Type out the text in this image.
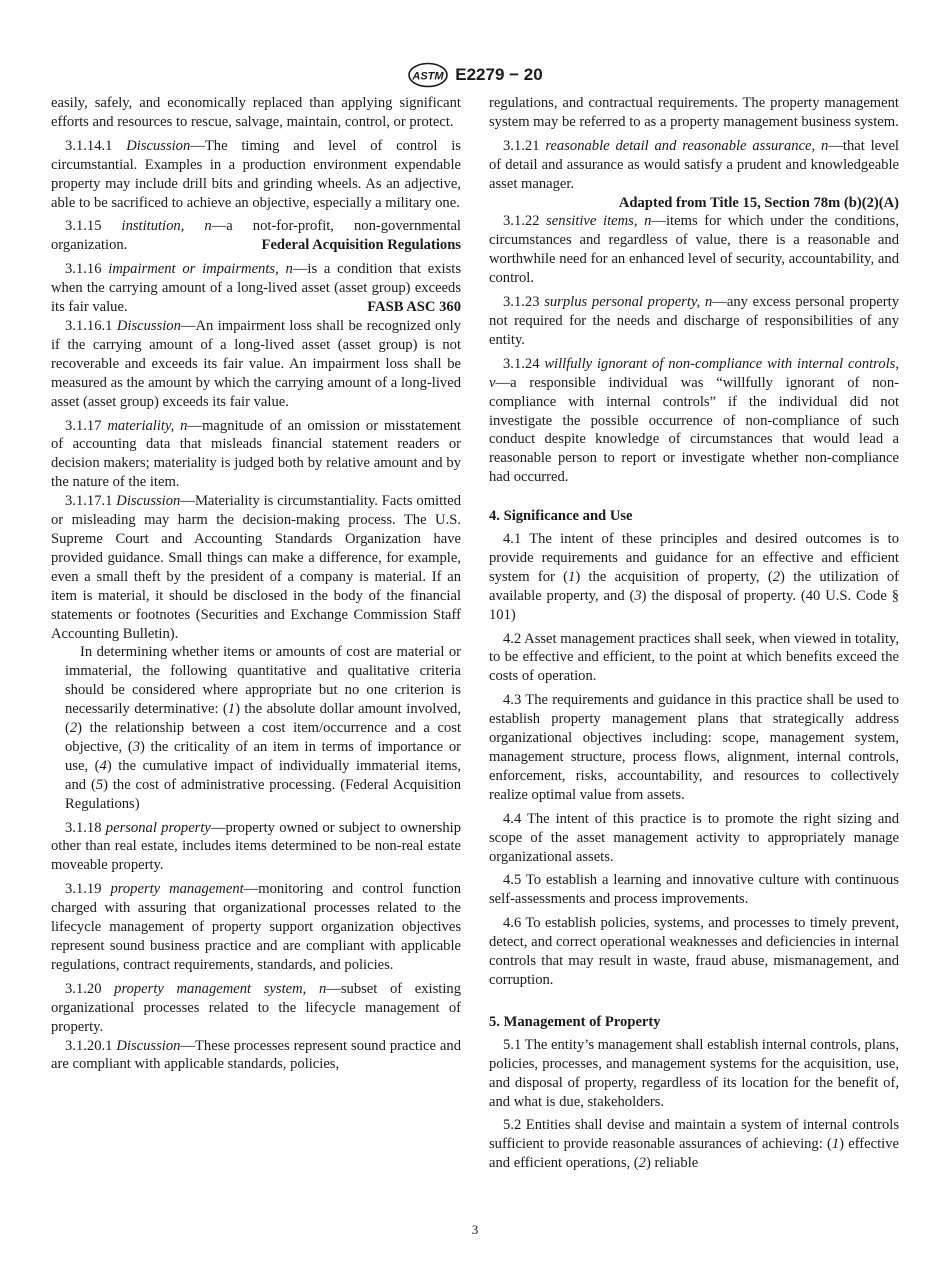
ASTM E2279 − 20

easily, safely, and economically replaced than applying significant efforts and resources to rescue, salvage, maintain, control, or protect.

3.1.14.1 Discussion—The timing and level of control is circumstantial. Examples in a production environment expendable property may include drill bits and grinding wheels. As an adjective, able to be sacrificed to achieve an objective, especially a military one.

3.1.15 institution, n—a not-for-profit, non-governmental organization.	Federal Acquisition Regulations

3.1.16 impairment or impairments, n—is a condition that exists when the carrying amount of a long-lived asset (asset group) exceeds its fair value.	FASB ASC 360

3.1.16.1 Discussion—An impairment loss shall be recognized only if the carrying amount of a long-lived asset (asset group) is not recoverable and exceeds its fair value. An impairment loss shall be measured as the amount by which the carrying amount of a long-lived asset (asset group) exceeds its fair value.

3.1.17 materiality, n—magnitude of an omission or misstatement of accounting data that misleads financial statement readers or decision makers; materiality is judged both by relative amount and by the nature of the item.

3.1.17.1 Discussion—Materiality is circumstantiality. Facts omitted or misleading may harm the decision-making process. The U.S. Supreme Court and Accounting Standards Organization have provided guidance. Small things can make a difference, for example, even a small theft by the president of a company is material. If an item is material, it should be disclosed in the body of the financial statements or footnotes (Securities and Exchange Commission Staff Accounting Bulletin).

In determining whether items or amounts of cost are material or immaterial, the following quantitative and qualitative criteria should be considered where appropriate but no one criterion is necessarily determinative: (1) the absolute dollar amount involved, (2) the relationship between a cost item/occurrence and a cost objective, (3) the criticality of an item in terms of importance or use, (4) the cumulative impact of individually immaterial items, and (5) the cost of administrative processing. (Federal Acquisition Regulations)

3.1.18 personal property—property owned or subject to ownership other than real estate, includes items determined to be non-real estate moveable property.

3.1.19 property management—monitoring and control function charged with assuring that organizational processes related to the lifecycle management of property support organization objectives represent sound business practice and are compliant with applicable regulations, contract requirements, standards, and policies.

3.1.20 property management system, n—subset of existing organizational processes related to the lifecycle management of property.

3.1.20.1 Discussion—These processes represent sound practice and are compliant with applicable standards, policies,

regulations, and contractual requirements. The property management system may be referred to as a property management business system.

3.1.21 reasonable detail and reasonable assurance, n—that level of detail and assurance as would satisfy a prudent and knowledgeable asset manager.
Adapted from Title 15, Section 78m (b)(2)(A)

3.1.22 sensitive items, n—items for which under the conditions, circumstances and regardless of value, there is a reasonable and worthwhile need for an enhanced level of security, accountability, and control.

3.1.23 surplus personal property, n—any excess personal property not required for the needs and discharge of responsibilities of any entity.

3.1.24 willfully ignorant of non-compliance with internal controls, v—a responsible individual was “willfully ignorant of non-compliance with internal controls” if the individual did not investigate the possible occurrence of non-compliance of such conduct despite knowledge of circumstances that would lead a reasonable person to report or investigate whether non-compliance had occurred.

4. Significance and Use

4.1 The intent of these principles and desired outcomes is to provide requirements and guidance for an effective and efficient system for (1) the acquisition of property, (2) the utilization of available property, and (3) the disposal of property. (40 U.S. Code § 101)

4.2 Asset management practices shall seek, when viewed in totality, to be effective and efficient, to the point at which benefits exceed the costs of operation.

4.3 The requirements and guidance in this practice shall be used to establish property management plans that strategically address organizational objectives including: scope, management system, management structure, process flows, alignment, internal controls, enforcement, risks, accountability, and resources to collectively realize optimal value from assets.

4.4 The intent of this practice is to promote the right sizing and scope of the asset management activity to appropriately manage organizational assets.

4.5 To establish a learning and innovative culture with continuous self-assessments and process improvements.

4.6 To establish policies, systems, and processes to timely prevent, detect, and correct operational weaknesses and deficiencies in internal controls that may result in waste, fraud abuse, mismanagement, and corruption.

5. Management of Property

5.1 The entity’s management shall establish internal controls, plans, policies, processes, and management systems for the acquisition, use, and disposal of property, regardless of its location for the benefit of, and what is due, stakeholders.

5.2 Entities shall devise and maintain a system of internal controls sufficient to provide reasonable assurances of achieving: (1) effective and efficient operations, (2) reliable

3
